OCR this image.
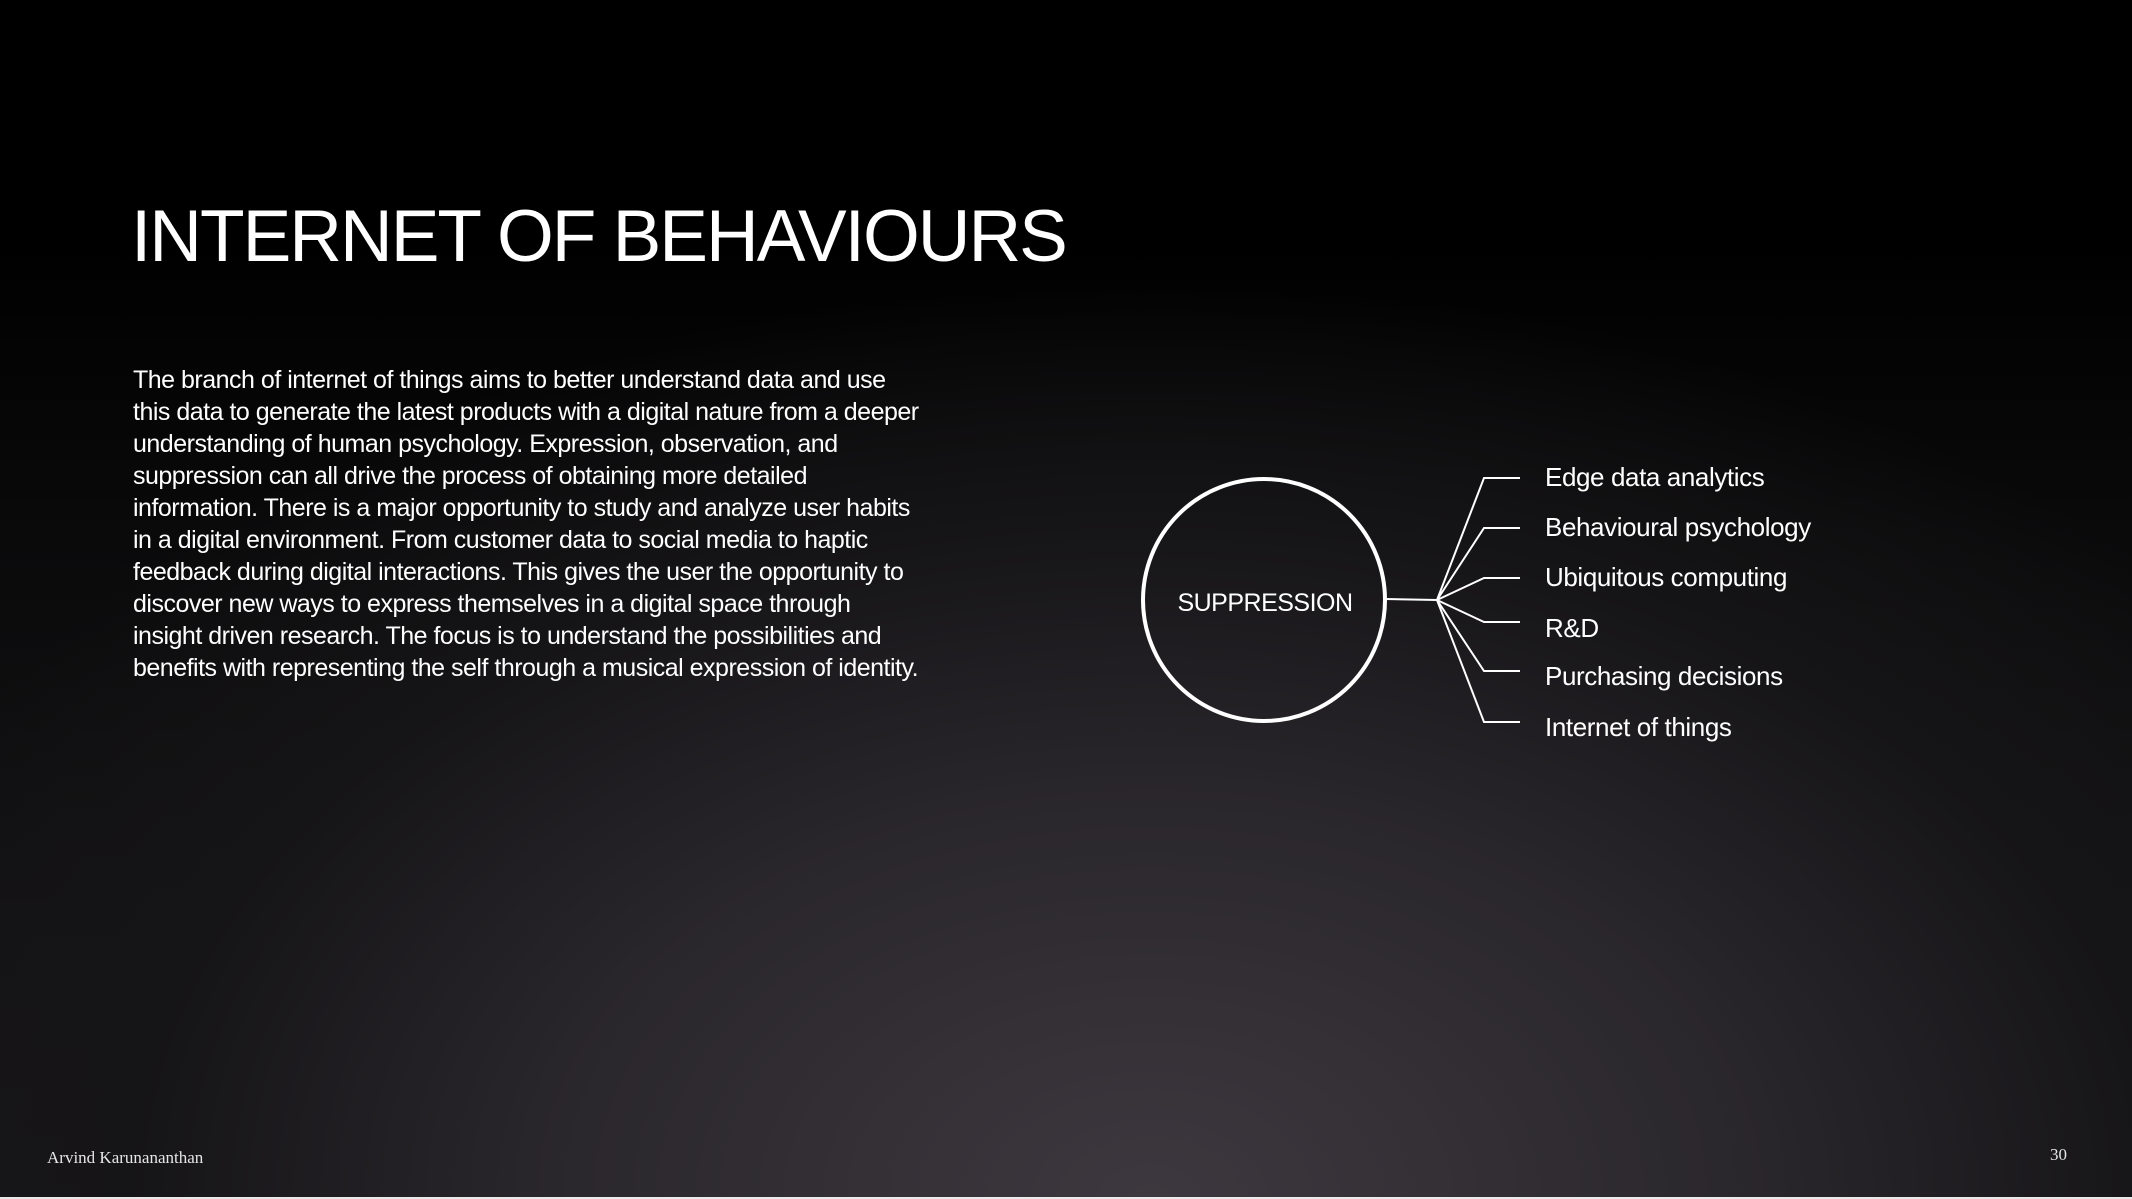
INTERNET OF BEHAVIOURS

The branch of internet of things aims to better understand data and use this data to generate the latest products with a digital nature from a deeper understanding of human psychology. Expression, observation, and suppression can all drive the process of obtaining more detailed information. There is a major opportunity to study and analyze user habits in a digital environment. From customer data to social media to haptic feedback during digital interactions. This gives the user the opportunity to discover new ways to express themselves in a digital space through insight driven research. The focus is to understand the possibilities and benefits with representing the self through a musical expression of identity.

SUPPRESSION
Edge data analytics
Behavioural psychology
Ubiquitous computing
R&D
Purchasing decisions
Internet of things
Arvind Karunananthan	30
